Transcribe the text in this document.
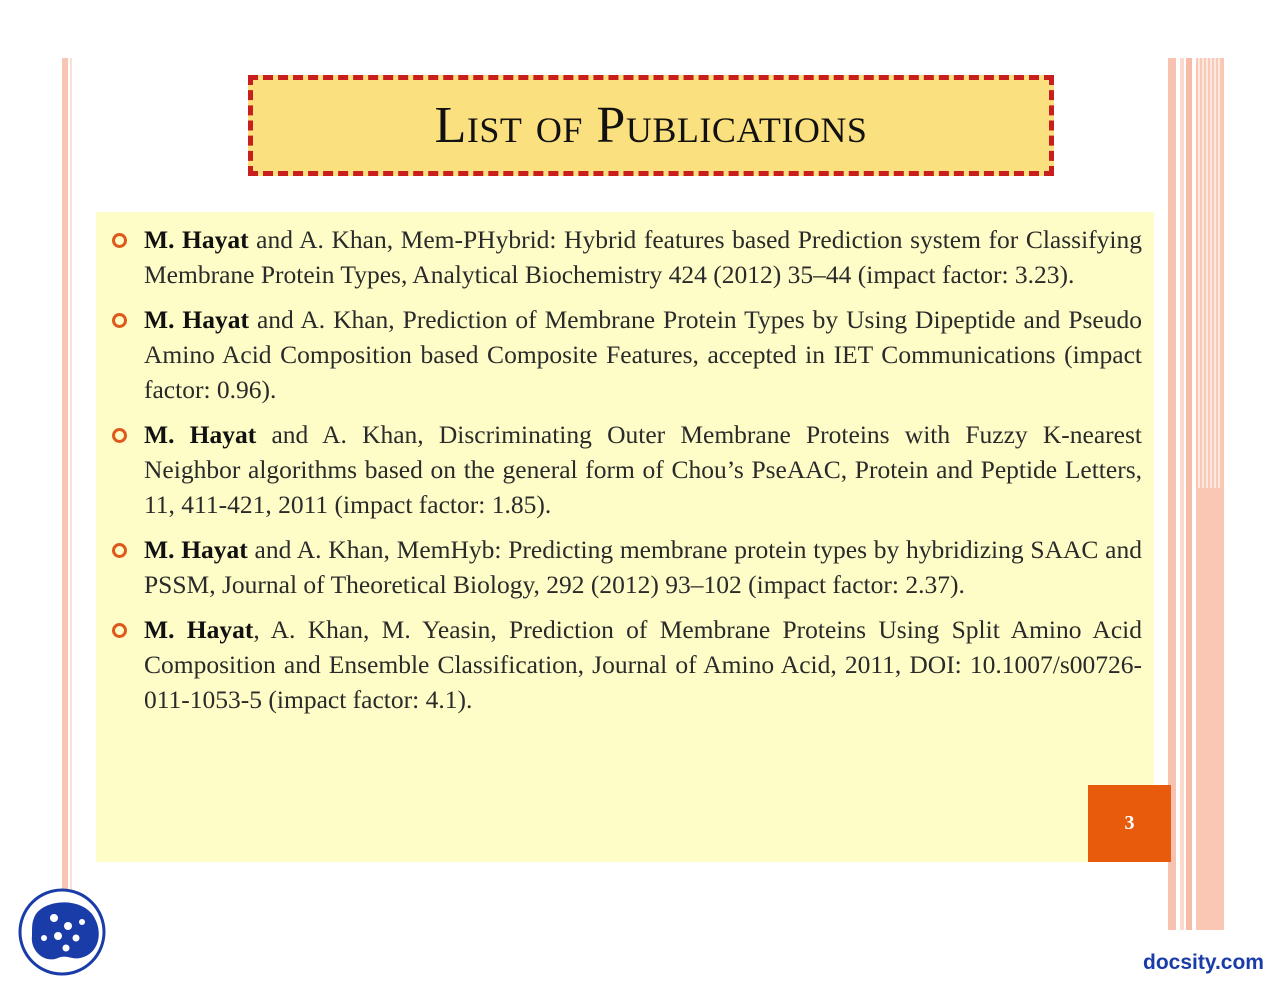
List of Publications
M. Hayat and A. Khan, Mem-PHybrid: Hybrid features based Prediction system for Classifying Membrane Protein Types, Analytical Biochemistry 424 (2012) 35–44 (impact factor: 3.23).
M. Hayat and A. Khan, Prediction of Membrane Protein Types by Using Dipeptide and Pseudo Amino Acid Composition based Composite Features, accepted in IET Communications (impact factor: 0.96).
M. Hayat and A. Khan, Discriminating Outer Membrane Proteins with Fuzzy K-nearest Neighbor algorithms based on the general form of Chou’s PseAAC, Protein and Peptide Letters, 11, 411-421, 2011 (impact factor: 1.85).
M. Hayat and A. Khan, MemHyb: Predicting membrane protein types by hybridizing SAAC and PSSM, Journal of Theoretical Biology, 292 (2012) 93–102 (impact factor: 2.37).
M. Hayat, A. Khan, M. Yeasin, Prediction of Membrane Proteins Using Split Amino Acid Composition and Ensemble Classification, Journal of Amino Acid, 2011, DOI: 10.1007/s00726-011-1053-5 (impact factor: 4.1).
3
docsity.com
